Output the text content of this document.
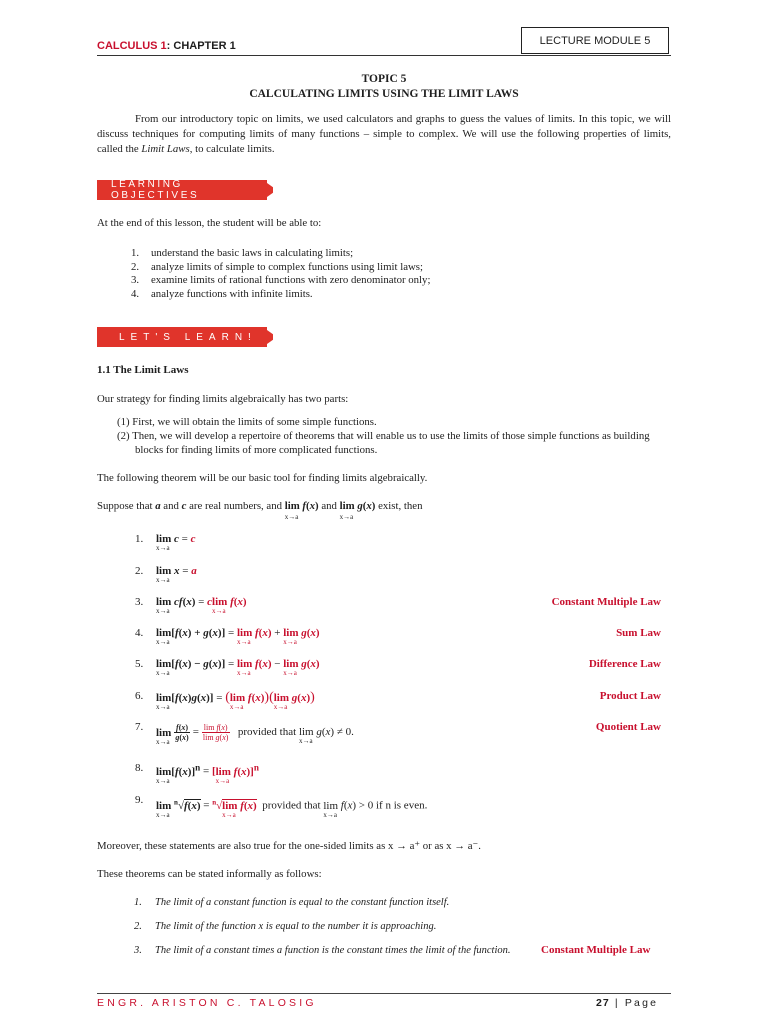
CALCULUS 1: CHAPTER 1	LECTURE MODULE 5
TOPIC 5
CALCULATING LIMITS USING THE LIMIT LAWS
From our introductory topic on limits, we used calculators and graphs to guess the values of limits. In this topic, we will discuss techniques for computing limits of many functions – simple to complex. We will use the following properties of limits, called the Limit Laws, to calculate limits.
LEARNING OBJECTIVES
At the end of this lesson, the student will be able to:
1. understand the basic laws in calculating limits;
2. analyze limits of simple to complex functions using limit laws;
3. examine limits of rational functions with zero denominator only;
4. analyze functions with infinite limits.
LET'S LEARN!
1.1 The Limit Laws
Our strategy for finding limits algebraically has two parts:
(1) First, we will obtain the limits of some simple functions.
(2) Then, we will develop a repertoire of theorems that will enable us to use the limits of those simple functions as building blocks for finding limits of more complicated functions.
The following theorem will be our basic tool for finding limits algebraically.
Suppose that a and c are real numbers, and lim
x→a
f(x) and lim
x→a
g(x) exist, then
1. lim
x→a
c = c
2. lim
x→a
x = a
3. lim
x→a
cf(x) = clim
x→a
f(x)	Constant Multiple Law
4. lim
x→a
[f(x) + g(x)] = lim
x→a
f(x) + lim
x→a
g(x)	Sum Law
5. lim
x→a
[f(x) − g(x)] = lim
x→a
f(x) − lim
x→a
g(x)	Difference Law
6. lim
x→a
[f(x)g(x)] = (lim
x→a
f(x))(lim
x→a
g(x))	Product Law
7. lim
x→a
$\frac{f(x)}{g(x)} = \frac{\text{lim f(x)}}{\text{lim g(x)}}$ provided that lim
x→a
g(x) ≠ 0.	Quotient Law
8. lim
x→a
$[f(x)]^n = [\lim$
x→a
f(x)]$^n$
9. lim
x→a
$^n$√f(x) = $^n$√lim
x→a
f(x) provided that lim
x→a
f(x) > 0 if n is even.
Moreover, these statements are also true for the one-sided limits as x → a⁺ or as x → a⁻.
These theorems can be stated informally as follows:
1.	The limit of a constant function is equal to the constant function itself.
2.	The limit of the function x is equal to the number it is approaching.
3.	The limit of a constant times a function is the constant times the limit of the function.	Constant Multiple Law
ENGR. ARISTON C. TALOSIG	27 | Page
